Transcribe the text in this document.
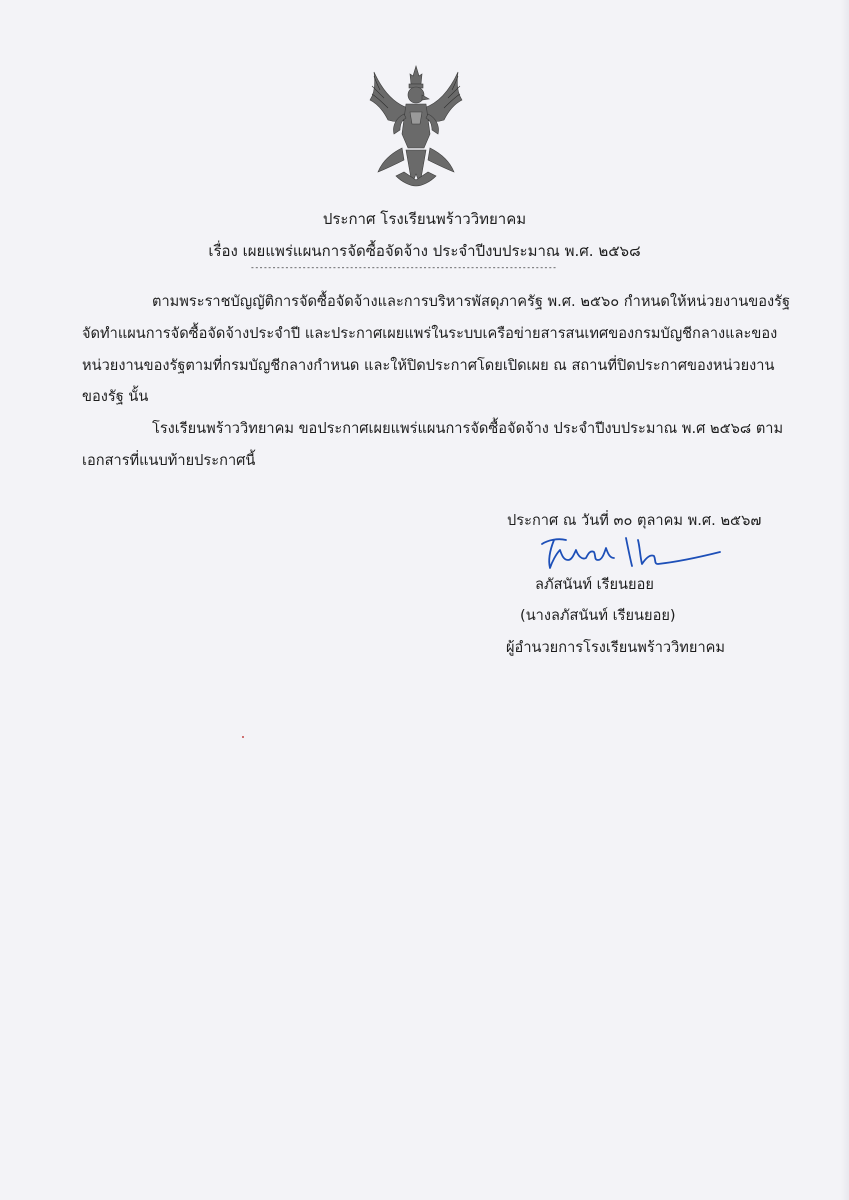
ประกาศ โรงเรียนพร้าววิทยาคม
เรื่อง เผยแพร่แผนการจัดซื้อจัดจ้าง ประจำปีงบประมาณ พ.ศ. ๒๕๖๘
-----------------------------------------------------------------------
ตามพระราชบัญญัติการจัดซื้อจัดจ้างและการบริหารพัสดุภาครัฐ พ.ศ. ๒๕๖๐ กำหนดให้หน่วยงานของรัฐ
จัดทำแผนการจัดซื้อจัดจ้างประจำปี และประกาศเผยแพร่ในระบบเครือข่ายสารสนเทศของกรมบัญชีกลางและของ
หน่วยงานของรัฐตามที่กรมบัญชีกลางกำหนด และให้ปิดประกาศโดยเปิดเผย ณ สถานที่ปิดประกาศของหน่วยงาน
ของรัฐ นั้น
โรงเรียนพร้าววิทยาคม ขอประกาศเผยแพร่แผนการจัดซื้อจัดจ้าง ประจำปีงบประมาณ พ.ศ ๒๕๖๘ ตาม
เอกสารที่แนบท้ายประกาศนี้
ประกาศ ณ วันที่ ๓๐ ตุลาคม พ.ศ. ๒๕๖๗
ลภัสนันท์ เรียนยอย
(นางลภัสนันท์ เรียนยอย)
ผู้อำนวยการโรงเรียนพร้าววิทยาคม
